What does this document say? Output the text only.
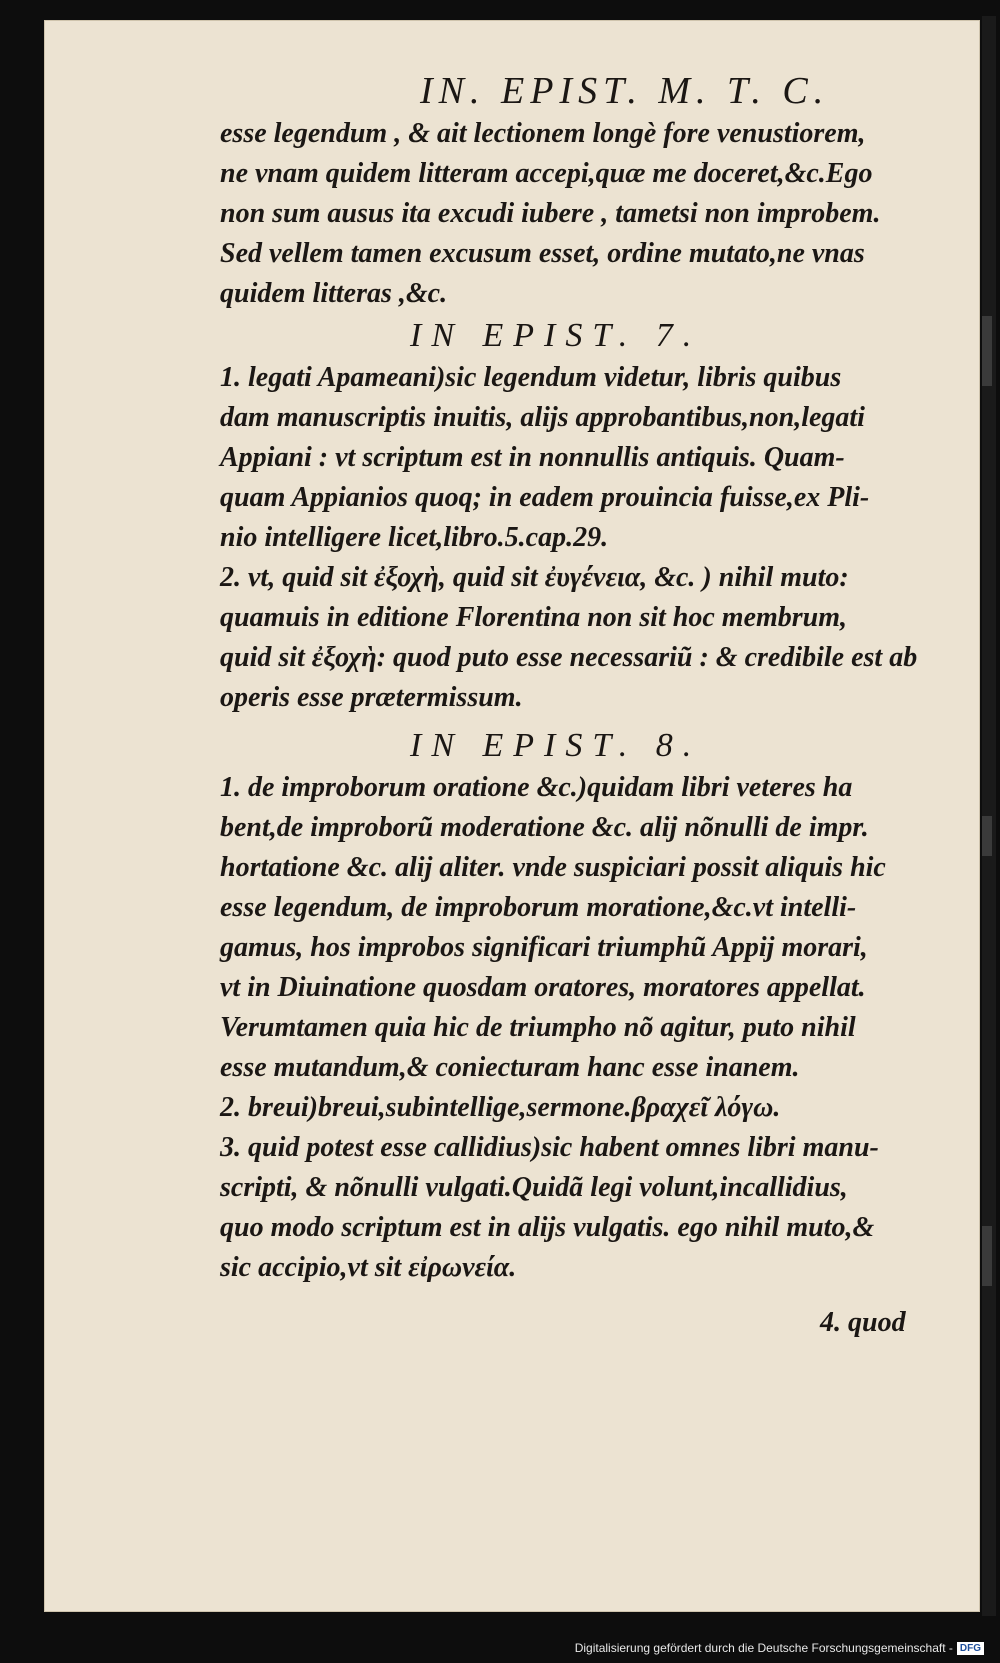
IN. EPIST. M. T. C.
esse legendum , & ait lectionem longè fore venustiorem,
ne vnam quidem litteram accepi,quæ me doceret,&c.Ego
non sum ausus ita excudi iubere , tametsi non improbem.
Sed vellem tamen excusum esset, ordine mutato,ne vnas
quidem litteras ,&c.
IN EPIST. 7.
1. legati Apameani)sic legendum videtur, libris quibus
dam manuscriptis inuitis, alijs approbantibus,non,legati
Appiani : vt scriptum est in nonnullis antiquis. Quam-
quam Appianios quoq; in eadem prouincia fuisse,ex Pli-
nio intelligere licet,libro.5.cap.29.
2. vt, quid sit ἐξοχὴ, quid sit ἐυγένεια, &c. ) nihil muto:
quamuis in editione Florentina non sit hoc membrum,
quid sit ἐξοχὴ: quod puto esse necessariũ : & credibile est ab
operis esse prætermissum.
IN EPIST. 8.
1. de improborum oratione &c.)quidam libri veteres ha
bent,de improborũ moderatione &c. alij nõnulli de impr.
hortatione &c. alij aliter. vnde suspiciari possit aliquis hic
esse legendum, de improborum moratione,&c.vt intelli-
gamus, hos improbos significari triumphũ Appij morari,
vt in Diuinatione quosdam oratores, moratores appellat.
Verumtamen quia hic de triumpho nõ agitur, puto nihil
esse mutandum,& coniecturam hanc esse inanem.
2. breui)breui,subintellige,sermone.βραχεῖ λόγω.
3. quid potest esse callidius)sic habent omnes libri manu-
scripti, & nõnulli vulgati.Quidã legi volunt,incallidius,
quo modo scriptum est in alijs vulgatis. ego nihil muto,&
sic accipio,vt sit εἰρωνεία.
4. quod
Digitalisierung gefördert durch die Deutsche Forschungsgemeinschaft - DFG
